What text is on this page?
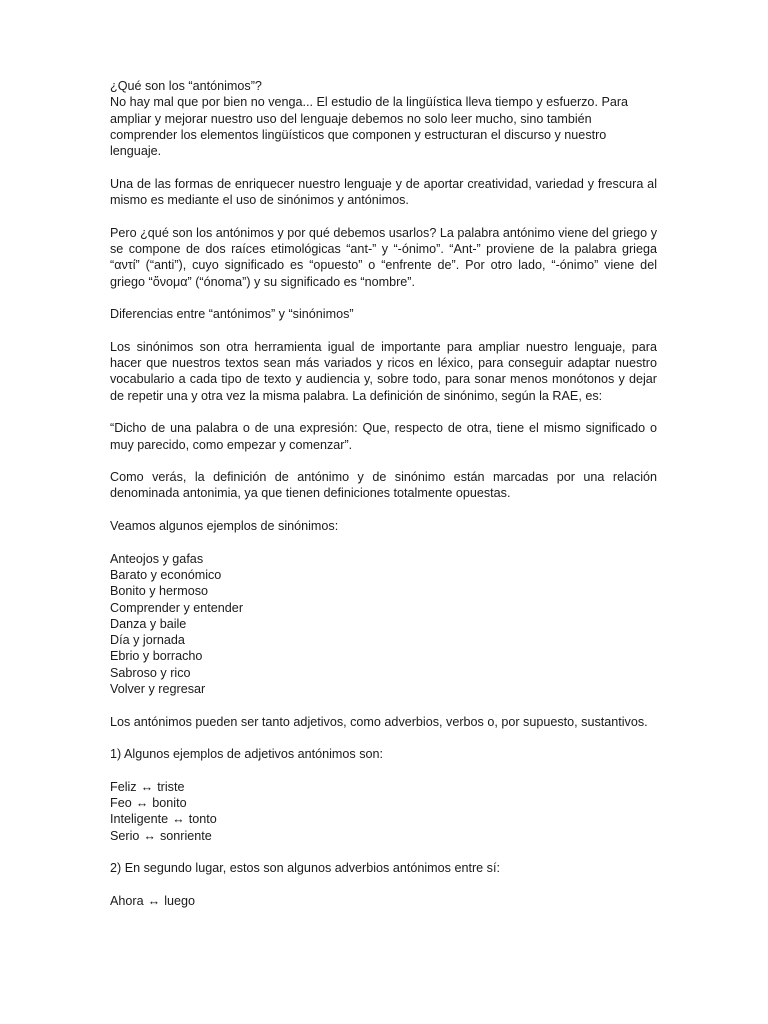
¿Qué son los “antónimos”?
No hay mal que por bien no venga... El estudio de la lingüística lleva tiempo y esfuerzo. Para ampliar y mejorar nuestro uso del lenguaje debemos no solo leer mucho, sino también comprender los elementos lingüísticos que componen y estructuran el discurso y nuestro lenguaje.

Una de las formas de enriquecer nuestro lenguaje y de aportar creatividad, variedad y frescura al mismo es mediante el uso de sinónimos y antónimos.

Pero ¿qué son los antónimos y por qué debemos usarlos? La palabra antónimo viene del griego y se compone de dos raíces etimológicas “ant-” y “-ónimo”. “Ant-” proviene de la palabra griega “αντί” (“anti”), cuyo significado es “opuesto” o “enfrente de”. Por otro lado, “-ónimo” viene del griego “ὄνομα” (“ónoma”) y su significado es “nombre”.

Diferencias entre “antónimos” y “sinónimos”

Los sinónimos son otra herramienta igual de importante para ampliar nuestro lenguaje, para hacer que nuestros textos sean más variados y ricos en léxico, para conseguir adaptar nuestro vocabulario a cada tipo de texto y audiencia y, sobre todo, para sonar menos monótonos y dejar de repetir una y otra vez la misma palabra. La definición de sinónimo, según la RAE, es:

“Dicho de una palabra o de una expresión: Que, respecto de otra, tiene el mismo significado o muy parecido, como empezar y comenzar”.

Como verás, la definición de antónimo y de sinónimo están marcadas por una relación denominada antonimia, ya que tienen definiciones totalmente opuestas.

Veamos algunos ejemplos de sinónimos:

Anteojos y gafas
Barato y económico
Bonito y hermoso
Comprender y entender
Danza y baile
Día y jornada
Ebrio y borracho
Sabroso y rico
Volver y regresar

Los antónimos pueden ser tanto adjetivos, como adverbios, verbos o, por supuesto, sustantivos.

1) Algunos ejemplos de adjetivos antónimos son:

Feliz ↔ triste
Feo ↔ bonito
Inteligente ↔ tonto
Serio ↔ sonriente

2) En segundo lugar, estos son algunos adverbios antónimos entre sí:

Ahora ↔ luego
